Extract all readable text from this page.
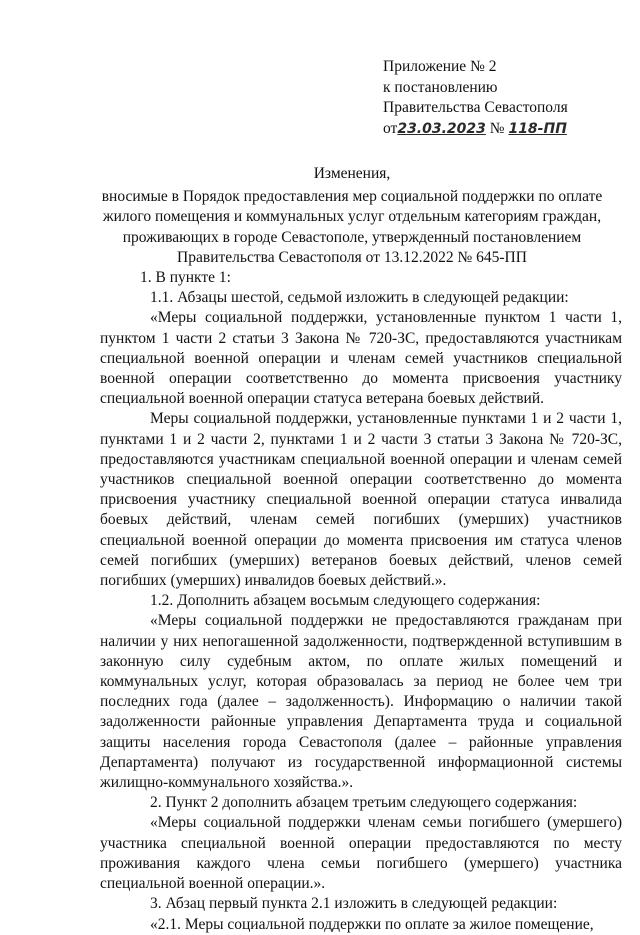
Приложение № 2
к постановлению
Правительства Севастополя
от23.03.2023 № 118-ПП
Изменения,
вносимые в Порядок предоставления мер социальной поддержки по оплате
жилого помещения и коммунальных услуг отдельным категориям граждан,
проживающих в городе Севастополе, утвержденный постановлением
Правительства Севастополя от 13.12.2022 № 645-ПП

1. В пункте 1:

1.1. Абзацы шестой, седьмой изложить в следующей редакции:

«Меры социальной поддержки, установленные пунктом 1 части 1, пунктом 1 части 2 статьи 3 Закона № 720-ЗС, предоставляются участникам специальной военной операции и членам семей участников специальной военной операции соответственно до момента присвоения участнику специальной военной операции статуса ветерана боевых действий.

Меры социальной поддержки, установленные пунктами 1 и 2 части 1, пунктами 1 и 2 части 2, пунктами 1 и 2 части 3 статьи 3 Закона № 720-ЗС, предоставляются участникам специальной военной операции и членам семей участников специальной военной операции соответственно до момента присвоения участнику специальной военной операции статуса инвалида боевых действий, членам семей погибших (умерших) участников специальной военной операции до момента присвоения им статуса членов семей погибших (умерших) ветеранов боевых действий, членов семей погибших (умерших) инвалидов боевых действий.».

1.2. Дополнить абзацем восьмым следующего содержания:

«Меры социальной поддержки не предоставляются гражданам при наличии у них непогашенной задолженности, подтвержденной вступившим в законную силу судебным актом, по оплате жилых помещений и коммунальных услуг, которая образовалась за период не более чем три последних года (далее – задолженность). Информацию о наличии такой задолженности районные управления Департамента труда и социальной защиты населения города Севастополя (далее – районные управления Департамента) получают из государственной информационной системы жилищно-коммунального хозяйства.».

2. Пункт 2 дополнить абзацем третьим следующего содержания:

«Меры социальной поддержки членам семьи погибшего (умершего) участника специальной военной операции предоставляются по месту проживания каждого члена семьи погибшего (умершего) участника специальной военной операции.».

3. Абзац первый пункта 2.1 изложить в следующей редакции:

«2.1. Меры социальной поддержки по оплате за жилое помещение,
